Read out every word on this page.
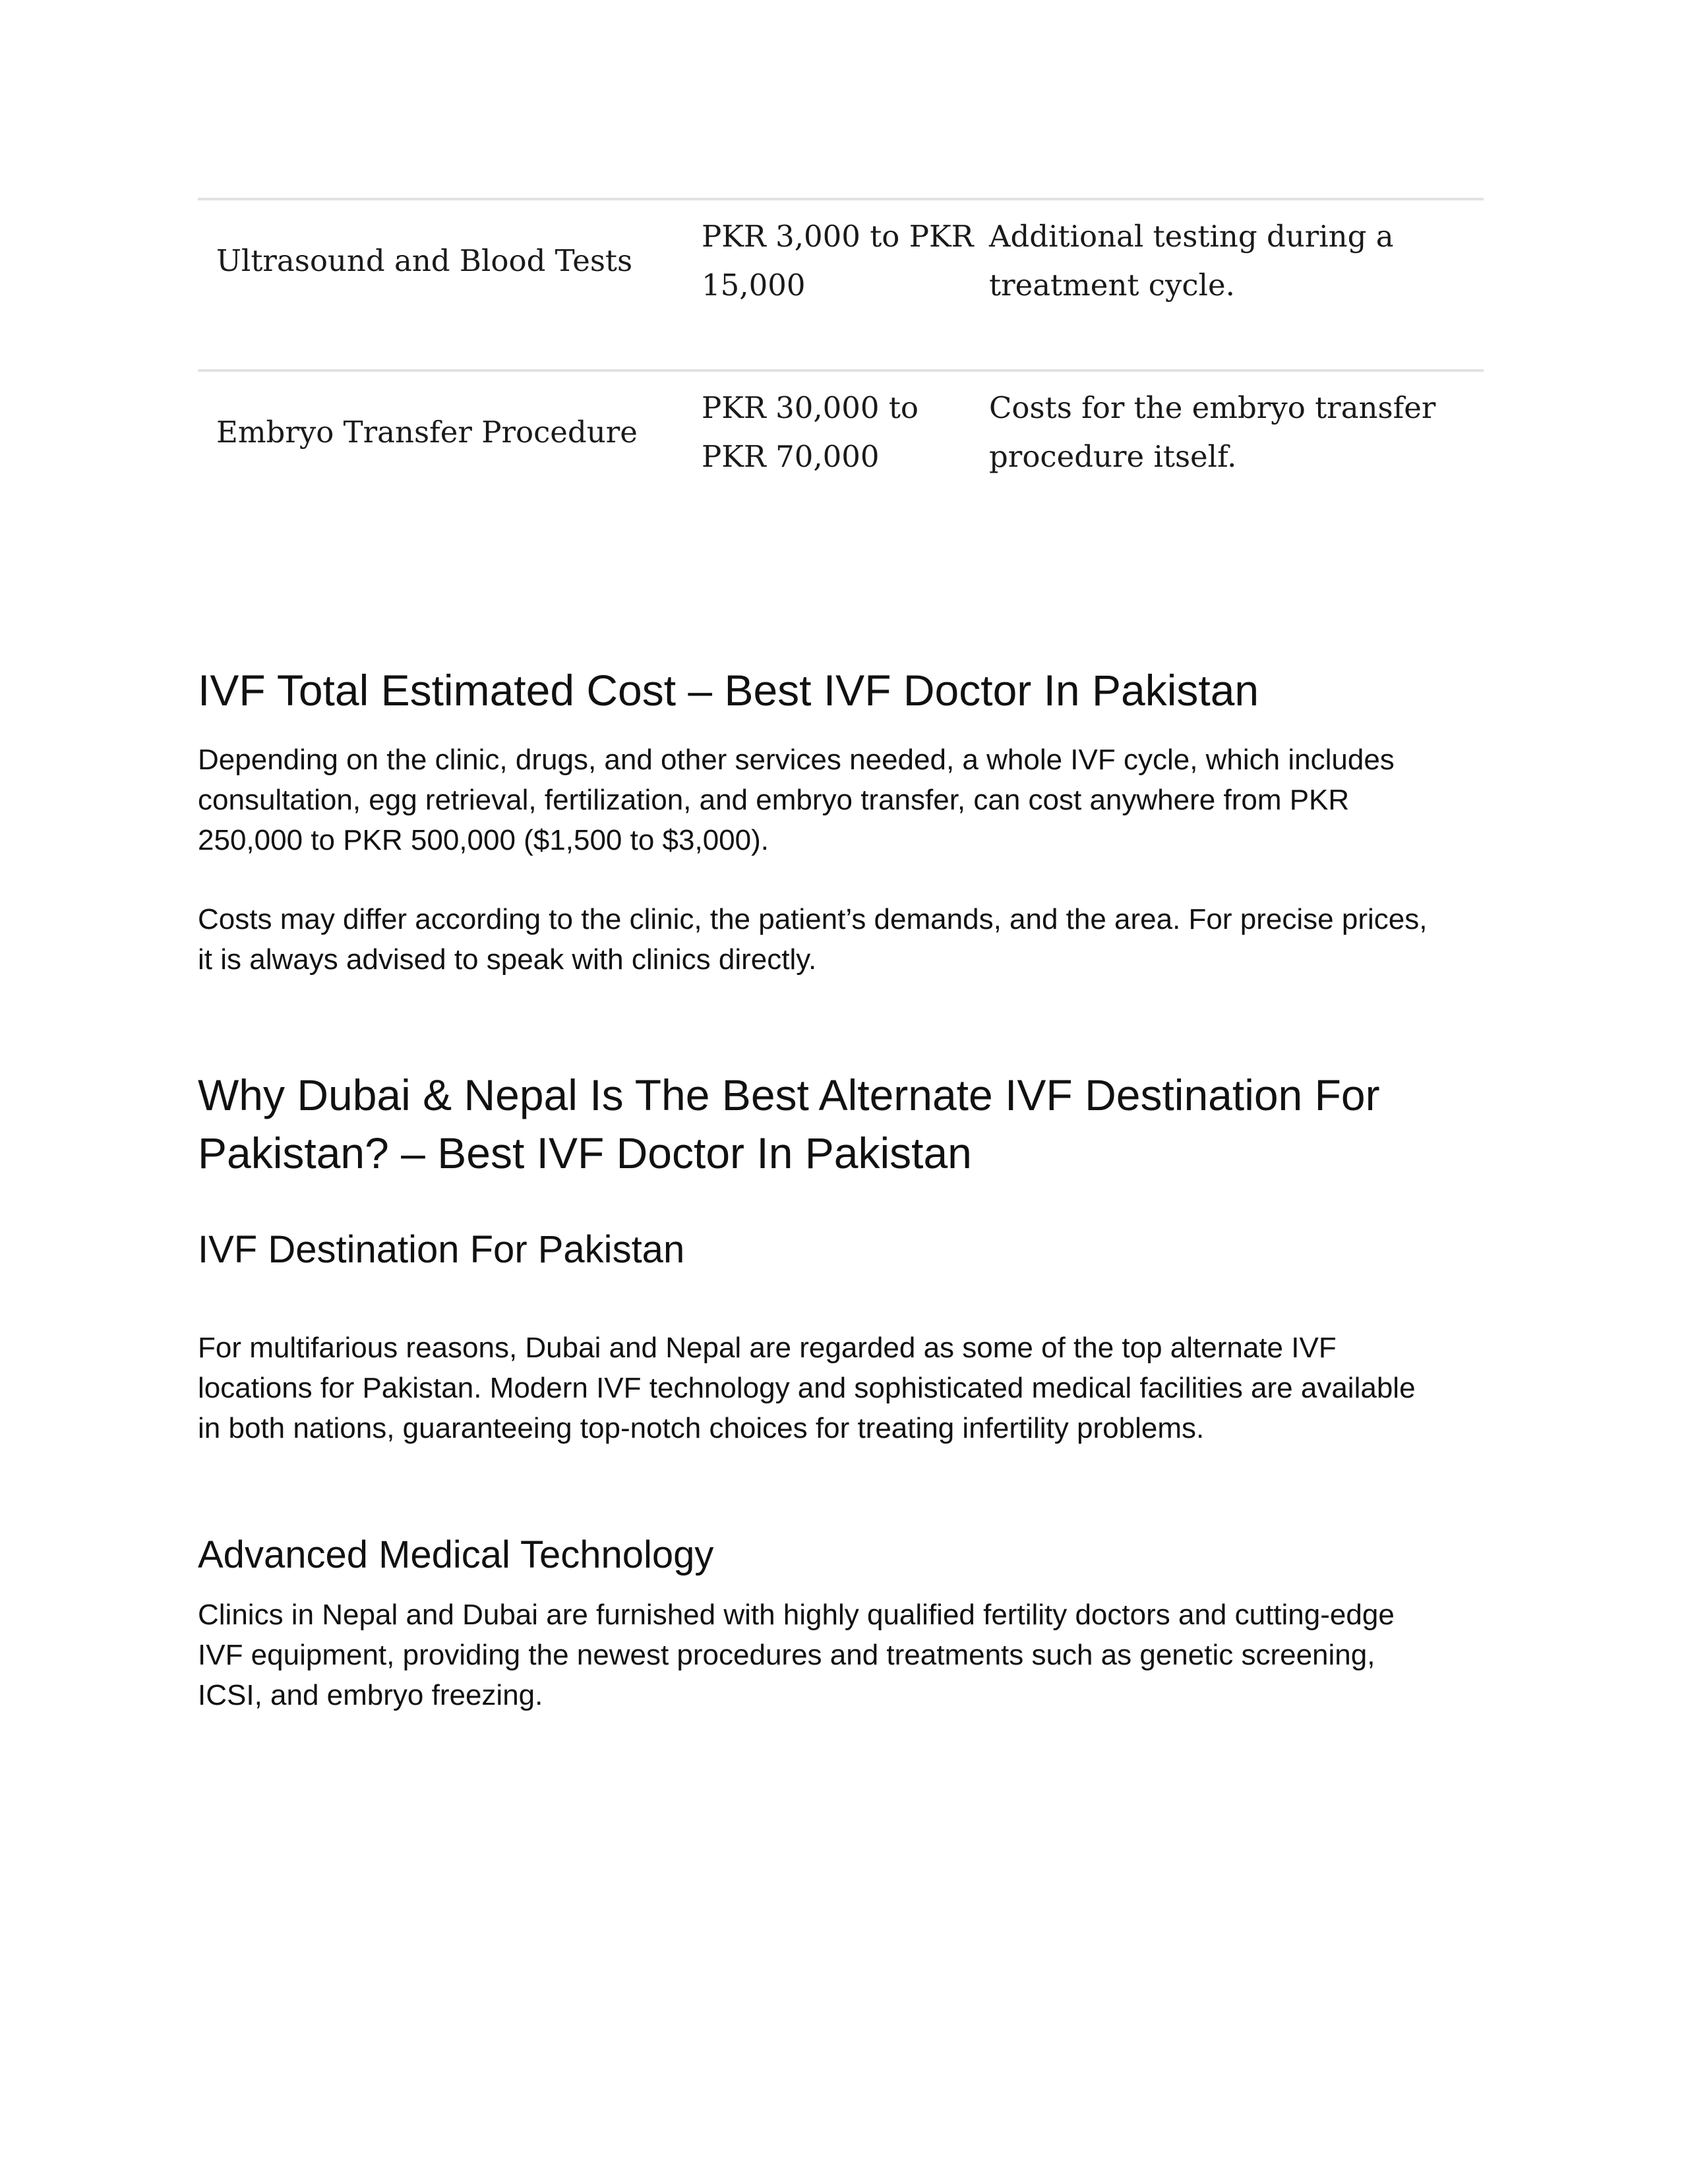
Ultrasound and Blood Tests
PKR 3,000 to PKR
15,000
Additional testing during a
treatment cycle.
Embryo Transfer Procedure
PKR 30,000 to
PKR 70,000
Costs for the embryo transfer
procedure itself.
IVF Total Estimated Cost – Best IVF Doctor In Pakistan
Depending on the clinic, drugs, and other services needed, a whole IVF cycle, which includes
consultation, egg retrieval, fertilization, and embryo transfer, can cost anywhere from PKR
250,000 to PKR 500,000 ($1,500 to $3,000).
Costs may differ according to the clinic, the patient’s demands, and the area. For precise prices,
it is always advised to speak with clinics directly.
Why Dubai & Nepal Is The Best Alternate IVF Destination For
Pakistan? – Best IVF Doctor In Pakistan
IVF Destination For Pakistan
For multifarious reasons, Dubai and Nepal are regarded as some of the top alternate IVF
locations for Pakistan. Modern IVF technology and sophisticated medical facilities are available
in both nations, guaranteeing top-notch choices for treating infertility problems.
Advanced Medical Technology
Clinics in Nepal and Dubai are furnished with highly qualified fertility doctors and cutting-edge
IVF equipment, providing the newest procedures and treatments such as genetic screening,
ICSI, and embryo freezing.
